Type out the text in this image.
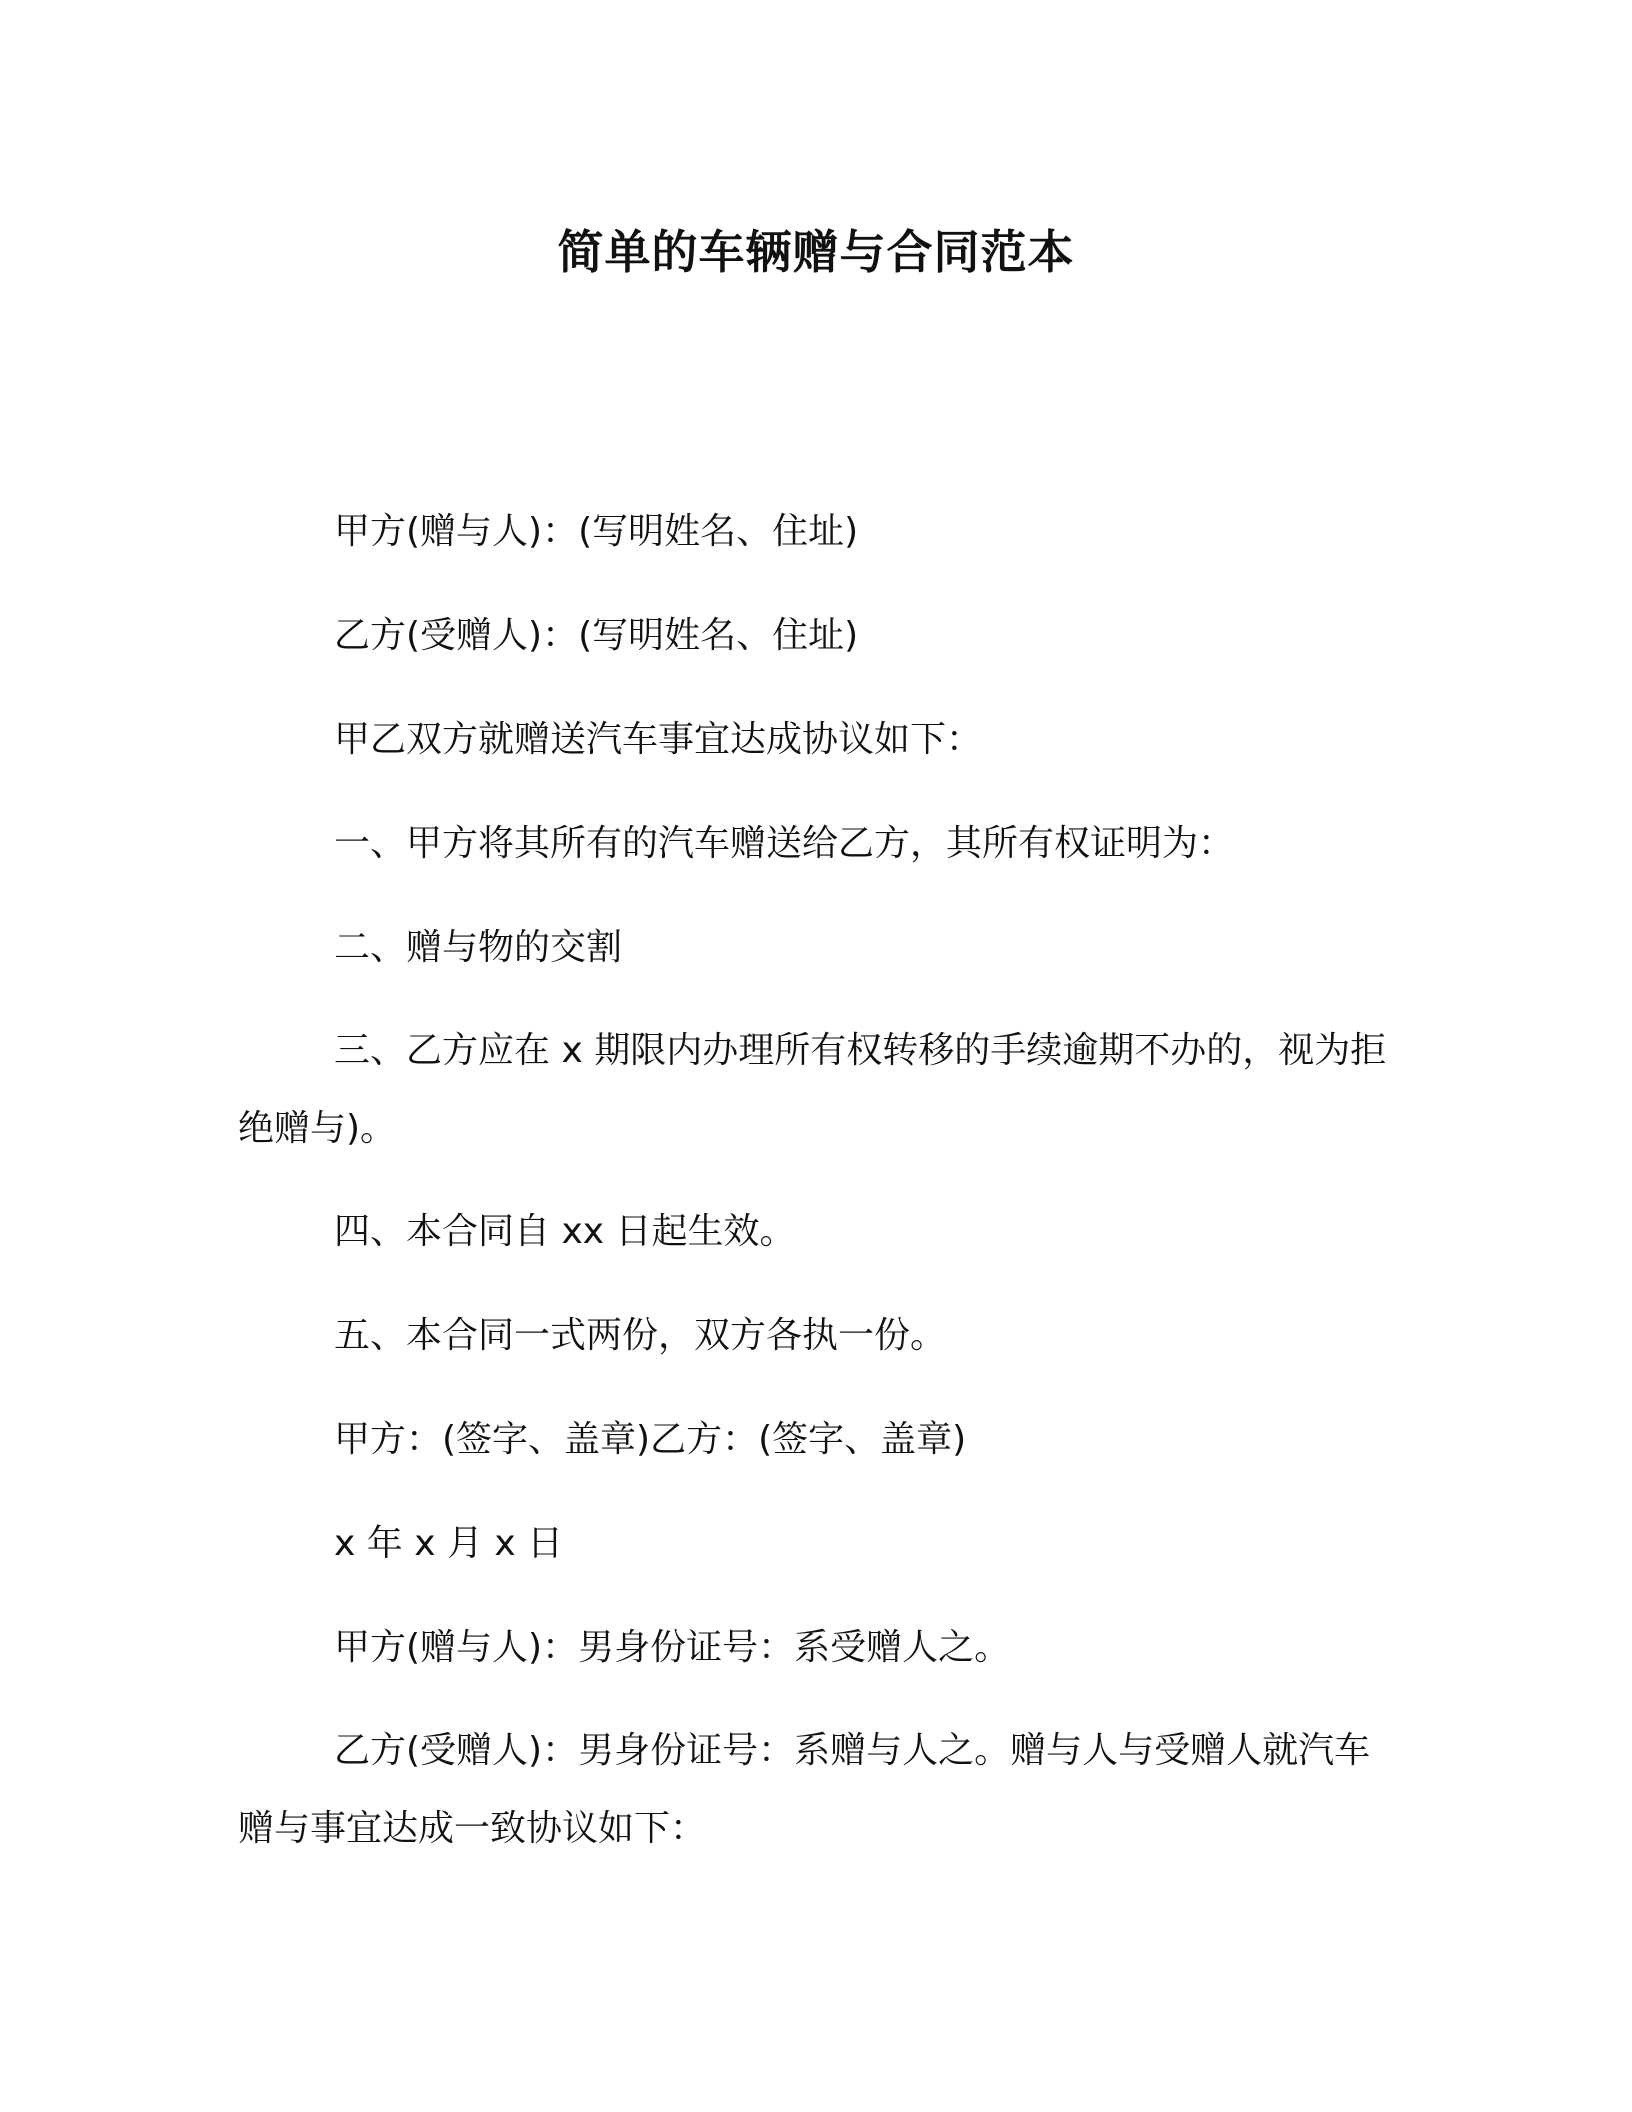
简单的车辆赠与合同范本

甲方(赠与人)：(写明姓名、住址)

乙方(受赠人)：(写明姓名、住址)

甲乙双方就赠送汽车事宜达成协议如下：

一、甲方将其所有的汽车赠送给乙方，其所有权证明为：

二、赠与物的交割

三、乙方应在 x 期限内办理所有权转移的手续逾期不办的，视为拒绝赠与)。

四、本合同自 xx 日起生效。

五、本合同一式两份，双方各执一份。

甲方：(签字、盖章)乙方：(签字、盖章)

x 年 x 月 x 日

甲方(赠与人)：男身份证号：系受赠人之。

乙方(受赠人)：男身份证号：系赠与人之。赠与人与受赠人就汽车赠与事宜达成一致协议如下：
